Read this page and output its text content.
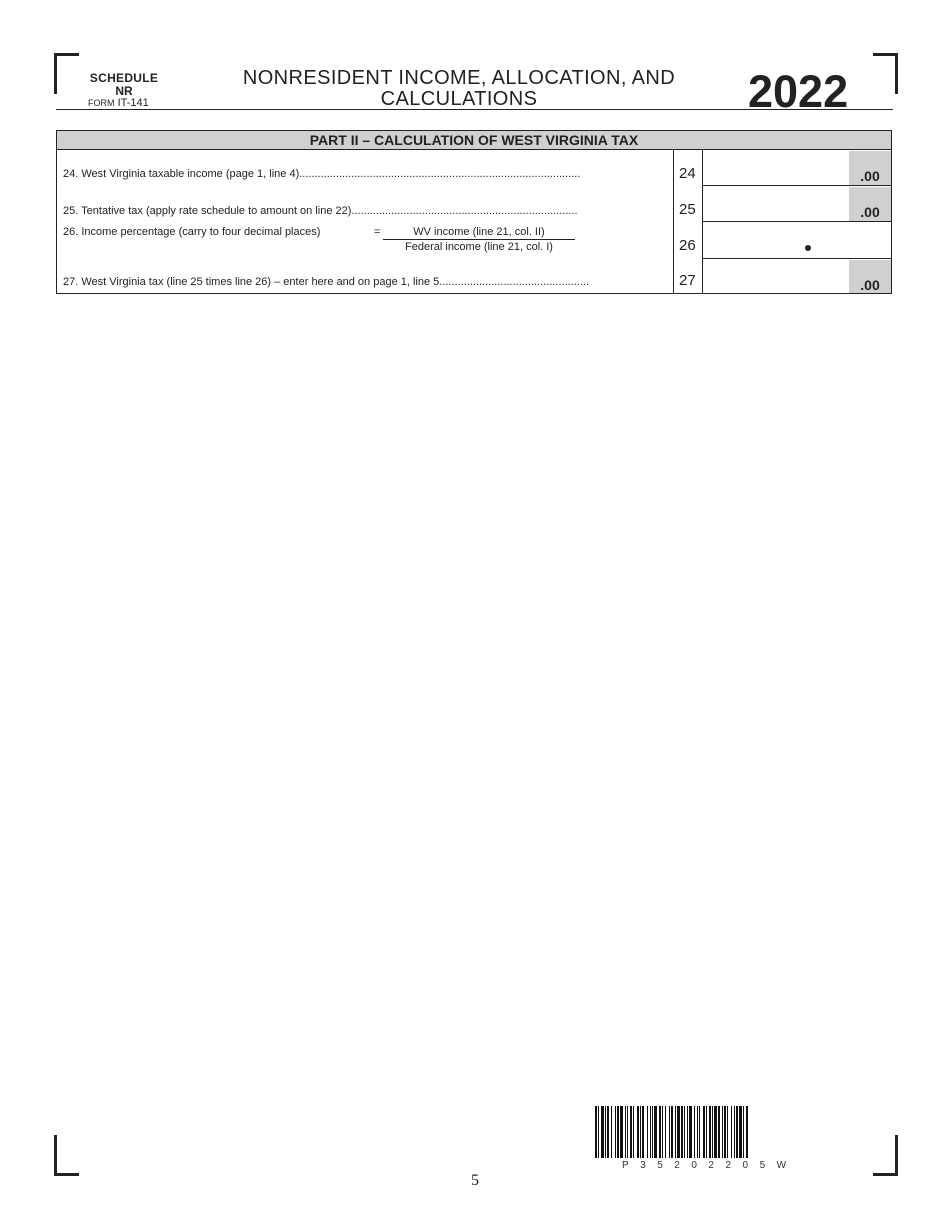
SCHEDULE
NR
FORM IT-141
NONRESIDENT INCOME, ALLOCATION, AND
CALCULATIONS	2022
PART II – CALCULATION OF WEST VIRGINIA TAX
24. West Virginia taxable income (page 1, line 4)............................................................................................	24	.00
25. Tentative tax (apply rate schedule to amount on line 22)..........................................................................	25	.00
26. Income percentage (carry to four decimal places)	=	WV income (line 21, col. II)
Federal income (line 21, col. I)	26
27. West Virginia tax (line 25 times line 26) – enter here and on page 1, line 5.................................................	27	.00
P35202205W
5
